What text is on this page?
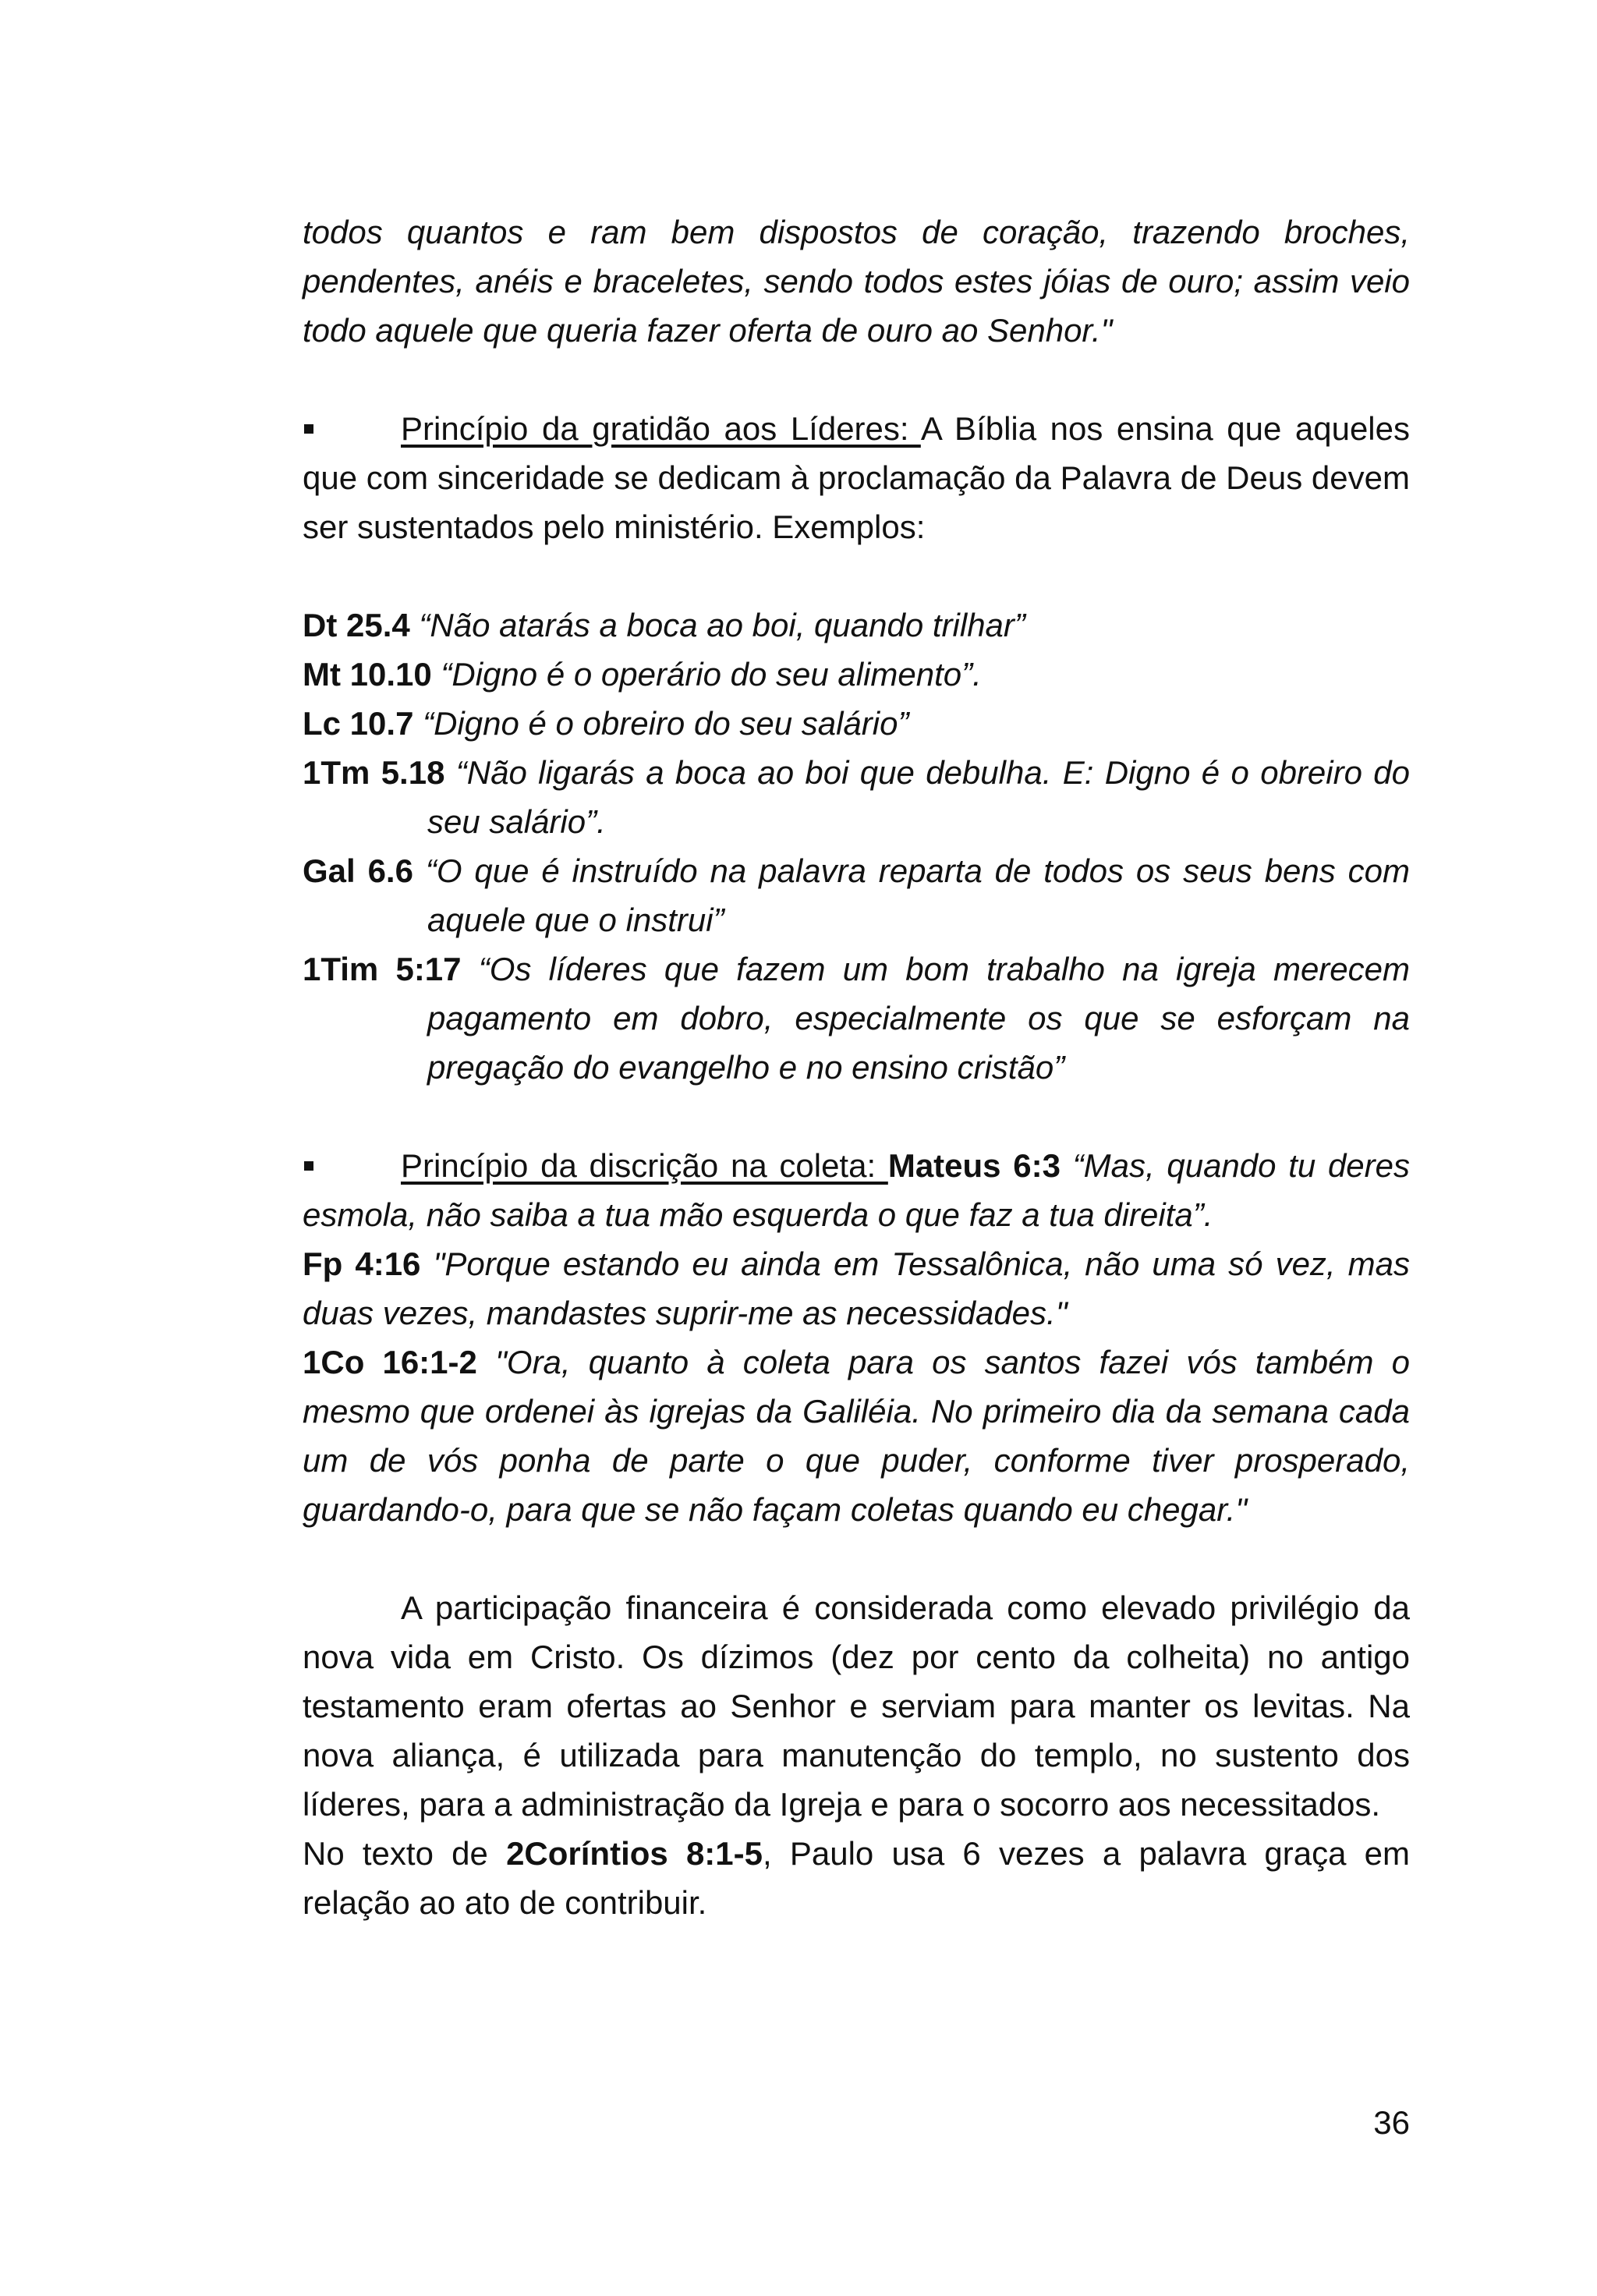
todos quantos e ram bem dispostos de coração, trazendo broches, pendentes, anéis e braceletes, sendo todos estes jóias de ouro; assim veio todo aquele que queria fazer oferta de ouro ao Senhor."

Princípio da gratidão aos Líderes: A Bíblia nos ensina que aqueles que com sinceridade se dedicam à proclamação da Palavra de Deus devem ser sustentados pelo ministério. Exemplos:

Dt 25.4 “Não atarás a boca ao boi, quando trilhar”

Mt 10.10 “Digno é o operário do seu alimento”.

Lc 10.7 “Digno é o obreiro do seu salário”

1Tm 5.18 “Não ligarás a boca ao boi que debulha. E: Digno é o obreiro do seu salário”.

Gal 6.6 “O que é instruído na palavra reparta de todos os seus bens com aquele que o instrui”

1Tim 5:17 “Os líderes que fazem um bom trabalho na igreja merecem pagamento em dobro, especialmente os que se esforçam na pregação do evangelho e no ensino cristão”

Princípio da discrição na coleta: Mateus 6:3 “Mas, quando tu deres esmola, não saiba a tua mão esquerda o que faz a tua direita”.

Fp 4:16 "Porque estando eu ainda em Tessalônica, não uma só vez, mas duas vezes, mandastes suprir-me as necessidades."

1Co 16:1-2 "Ora, quanto à coleta para os santos fazei vós também o mesmo que ordenei às igrejas da Galiléia. No primeiro dia da semana cada um de vós ponha de parte o que puder, conforme tiver prosperado, guardando-o, para que se não façam coletas quando eu chegar."

A participação financeira é considerada como elevado privilégio da nova vida em Cristo. Os dízimos (dez por cento da colheita) no antigo testamento eram ofertas ao Senhor e serviam para manter os levitas. Na nova aliança, é utilizada para manutenção do templo, no sustento dos líderes, para a administração da Igreja e para o socorro aos necessitados.

No texto de 2Coríntios 8:1-5, Paulo usa 6 vezes a palavra graça em relação ao ato de contribuir.

36
